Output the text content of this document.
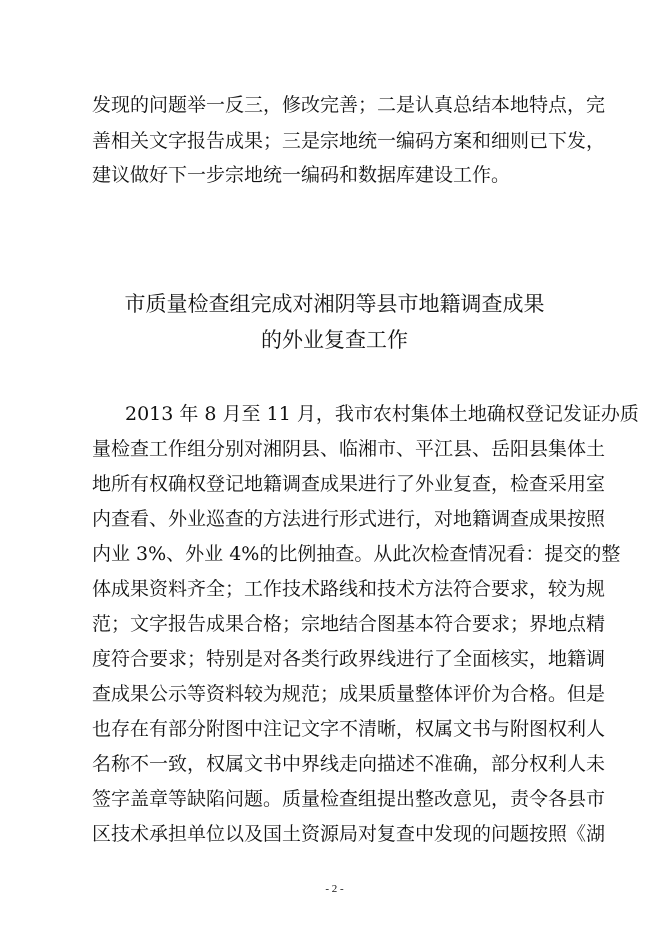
发现的问题举一反三，修改完善；二是认真总结本地特点，完
善相关文字报告成果；三是宗地统一编码方案和细则已下发，
建议做好下一步宗地统一编码和数据库建设工作。
市质量检查组完成对湘阴等县市地籍调查成果
的外业复查工作
2013 年 8 月至 11 月，我市农村集体土地确权登记发证办质
量检查工作组分别对湘阴县、临湘市、平江县、岳阳县集体土
地所有权确权登记地籍调查成果进行了外业复查，检查采用室
内查看、外业巡查的方法进行形式进行，对地籍调查成果按照
内业 3%、外业 4%的比例抽查。从此次检查情况看：提交的整
体成果资料齐全；工作技术路线和技术方法符合要求，较为规
范；文字报告成果合格；宗地结合图基本符合要求；界地点精
度符合要求；特别是对各类行政界线进行了全面核实，地籍调
查成果公示等资料较为规范；成果质量整体评价为合格。但是
也存在有部分附图中注记文字不清晰，权属文书与附图权利人
名称不一致，权属文书中界线走向描述不准确，部分权利人未
签字盖章等缺陷问题。质量检查组提出整改意见，责令各县市
区技术承担单位以及国土资源局对复查中发现的问题按照《湖
- 2 -
